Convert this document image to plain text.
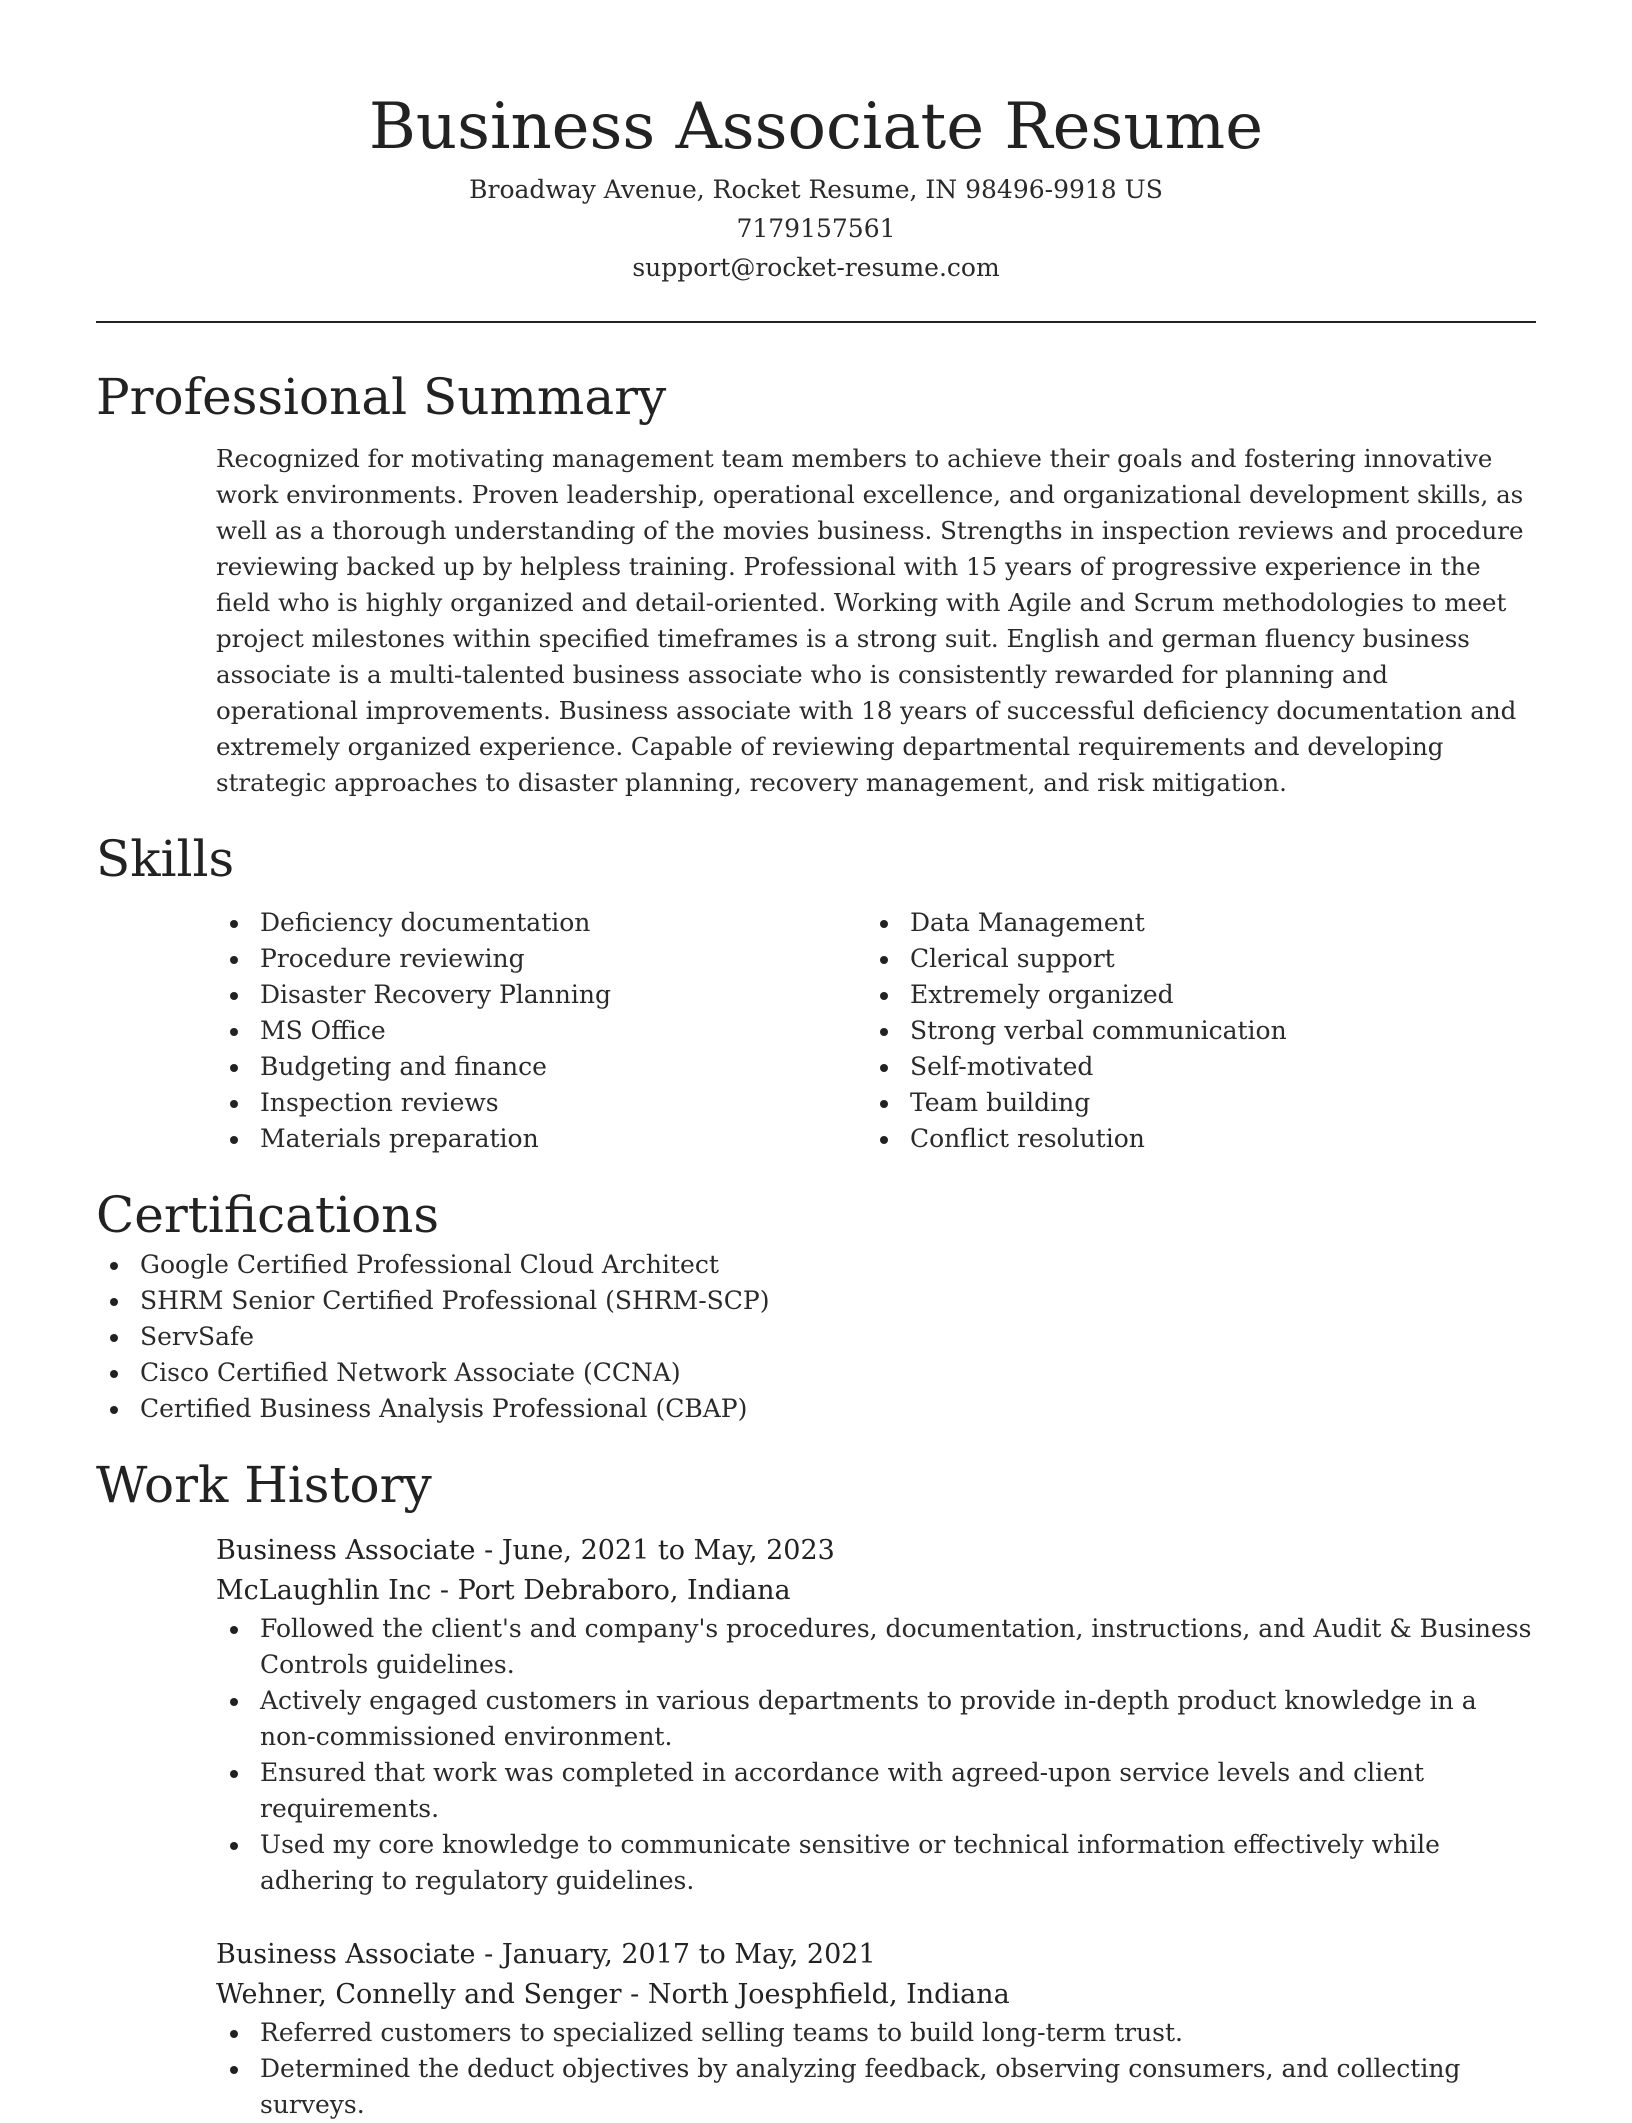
Business Associate Resume
Broadway Avenue, Rocket Resume, IN 98496-9918 US
7179157561
support@rocket-resume.com
Professional Summary
Recognized for motivating management team members to achieve their goals and fostering innovative work environments. Proven leadership, operational excellence, and organizational development skills, as well as a thorough understanding of the movies business. Strengths in inspection reviews and procedure reviewing backed up by helpless training. Professional with 15 years of progressive experience in the field who is highly organized and detail-oriented. Working with Agile and Scrum methodologies to meet project milestones within specified timeframes is a strong suit. English and german fluency business associate is a multi-talented business associate who is consistently rewarded for planning and operational improvements. Business associate with 18 years of successful deficiency documentation and extremely organized experience. Capable of reviewing departmental requirements and developing strategic approaches to disaster planning, recovery management, and risk mitigation.
Skills
Deficiency documentation
Procedure reviewing
Disaster Recovery Planning
MS Office
Budgeting and finance
Inspection reviews
Materials preparation
Data Management
Clerical support
Extremely organized
Strong verbal communication
Self-motivated
Team building
Conflict resolution
Certifications
Google Certified Professional Cloud Architect
SHRM Senior Certified Professional (SHRM-SCP)
ServSafe
Cisco Certified Network Associate (CCNA)
Certified Business Analysis Professional (CBAP)
Work History
Business Associate - June, 2021 to May, 2023
McLaughlin Inc - Port Debraboro, Indiana
Followed the client's and company's procedures, documentation, instructions, and Audit & Business Controls guidelines.
Actively engaged customers in various departments to provide in-depth product knowledge in a non-commissioned environment.
Ensured that work was completed in accordance with agreed-upon service levels and client requirements.
Used my core knowledge to communicate sensitive or technical information effectively while adhering to regulatory guidelines.
Business Associate - January, 2017 to May, 2021
Wehner, Connelly and Senger - North Joesphfield, Indiana
Referred customers to specialized selling teams to build long-term trust.
Determined the deduct objectives by analyzing feedback, observing consumers, and collecting surveys.
